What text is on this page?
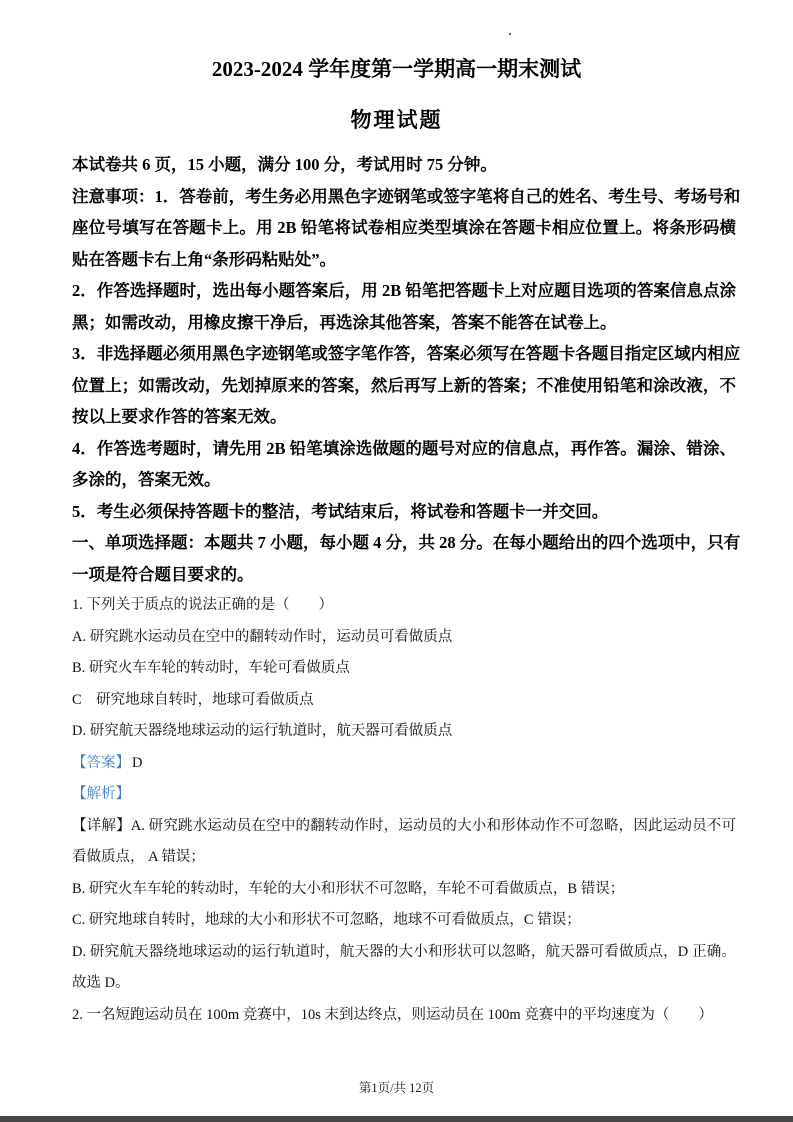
2023-2024 学年度第一学期高一期末测试
物理试题
本试卷共 6 页，15 小题，满分 100 分，考试用时 75 分钟。
注意事项：1．答卷前，考生务必用黑色字迹钢笔或签字笔将自己的姓名、考生号、考场号和
座位号填写在答题卡上。用 2B 铅笔将试卷相应类型填涂在答题卡相应位置上。将条形码横
贴在答题卡右上角“条形码粘贴处”。
2．作答选择题时，选出每小题答案后，用 2B 铅笔把答题卡上对应题目选项的答案信息点涂
黑；如需改动，用橡皮擦干净后，再选涂其他答案，答案不能答在试卷上。
3．非选择题必须用黑色字迹钢笔或签字笔作答，答案必须写在答题卡各题目指定区域内相应
位置上；如需改动，先划掉原来的答案，然后再写上新的答案；不准使用铅笔和涂改液，不
按以上要求作答的答案无效。
4．作答选考题时，请先用 2B 铅笔填涂选做题的题号对应的信息点，再作答。漏涂、错涂、
多涂的，答案无效。
5．考生必须保持答题卡的整洁，考试结束后，将试卷和答题卡一并交回。
一、单项选择题：本题共 7 小题，每小题 4 分，共 28 分。在每小题给出的四个选项中，只有
一项是符合题目要求的。
1. 下列关于质点的说法正确的是（　　）
A. 研究跳水运动员在空中的翻转动作时，运动员可看做质点
B. 研究火车车轮的转动时，车轮可看做质点
C　研究地球自转时，地球可看做质点
D. 研究航天器绕地球运动的运行轨道时，航天器可看做质点
【答案】 D
【解析】
【详解】A. 研究跳水运动员在空中的翻转动作时，运动员的大小和形体动作不可忽略，因此运动员不可
看做质点， A 错误；
B. 研究火车车轮的转动时，车轮的大小和形状不可忽略，车轮不可看做质点，B 错误；
C. 研究地球自转时，地球的大小和形状不可忽略，地球不可看做质点，C 错误；
D. 研究航天器绕地球运动的运行轨道时，航天器的大小和形状可以忽略，航天器可看做质点，D 正确。
故选 D。
2. 一名短跑运动员在 100m 竞赛中，10s 末到达终点，则运动员在 100m 竞赛中的平均速度为（　　）
第1页/共 12页
